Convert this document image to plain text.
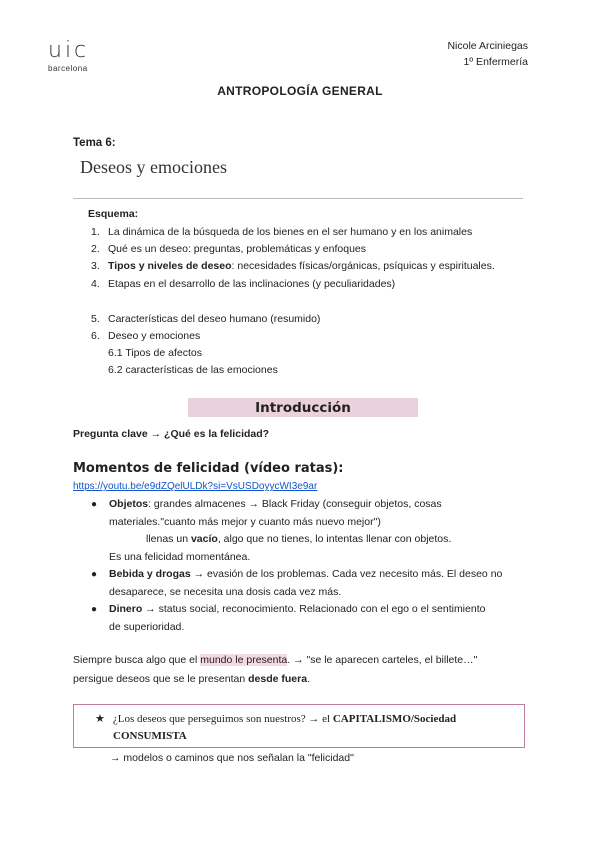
uic
barcelona
Nicole Arciniegas
1º Enfermería
ANTROPOLOGÍA GENERAL
Tema 6:
Deseos y emociones
Esquema:
1. La dinámica de la búsqueda de los bienes en el ser humano y en los animales
2. Qué es un deseo: preguntas, problemáticas y enfoques
3. Tipos y niveles de deseo: necesidades físicas/orgánicas, psíquicas y espirituales.
4. Etapas en el desarrollo de las inclinaciones (y peculiaridades)
5. Características del deseo humano (resumido)
6. Deseo y emociones
6.1 Tipos de afectos
6.2 características de las emociones
Introducción
Pregunta clave → ¿Qué es la felicidad?
Momentos de felicidad (vídeo ratas):
https://youtu.be/e9dZQelULDk?si=VsUSDoyycWI3e9ar
● Objetos: grandes almacenes → Black Friday (conseguir objetos, cosas
materiales."cuanto más mejor y cuanto más nuevo mejor")
llenas un vacío, algo que no tienes, lo intentas llenar con objetos.
Es una felicidad momentánea.
● Bebida y drogas → evasión de los problemas. Cada vez necesito más. El deseo no
desaparece, se necesita una dosis cada vez más.
● Dinero → status social, reconocimiento. Relacionado con el ego o el sentimiento
de superioridad.
Siempre busca algo que el mundo le presenta. → "se le aparecen carteles, el billete…"
persigue deseos que se le presentan desde fuera.
★ ¿Los deseos que perseguimos son nuestros? → el CAPITALISMO/Sociedad
CONSUMISTA
→ modelos o caminos que nos señalan la "felicidad"
